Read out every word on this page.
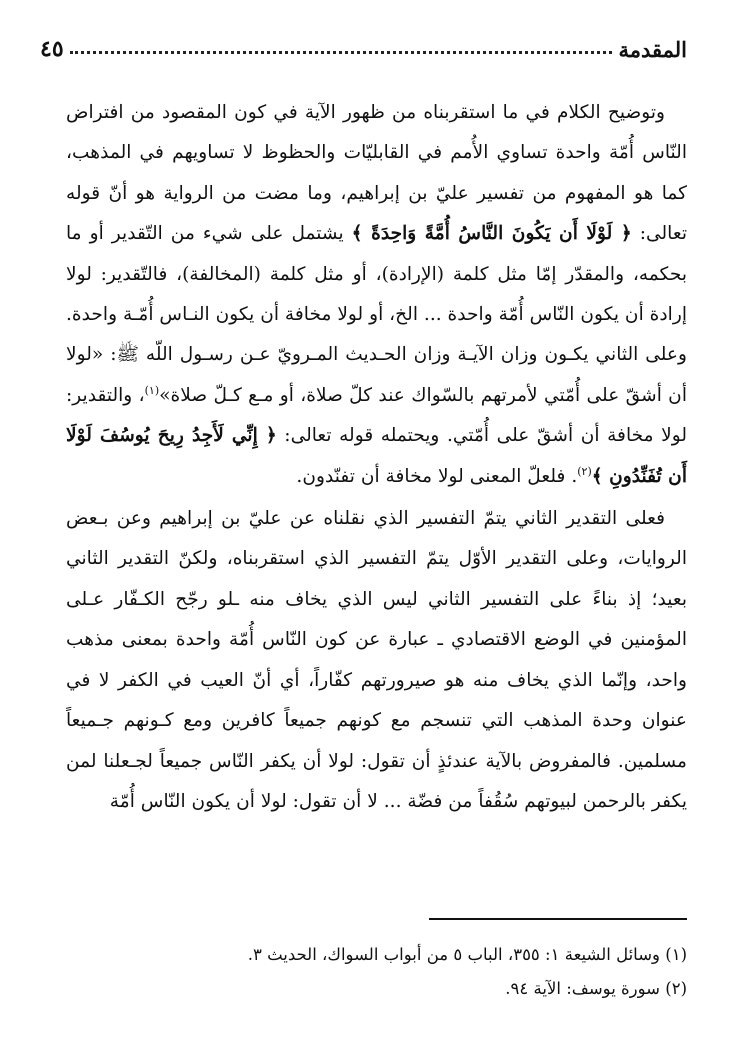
المقدمة
٤٥

وتوضيح الكلام في ما استقربناه من ظهور الآية في كون المقصود من افتراض النّاس أُمّة واحدة تساوي الأُمم في القابليّات والحظوظ لا تساويهم في المذهب، كما هو المفهوم من تفسير عليّ بن إبراهيم، وما مضت من الرواية هو أنّ قوله تعالى: ﴿ لَوْلَا أَن يَكُونَ النَّاسُ أُمَّةً وَاحِدَةً ﴾ يشتمل على شيء من التّقدير أو ما بحكمه، والمقدّر إمّا مثل كلمة (الإرادة)، أو مثل كلمة (المخالفة)، فالتّقدير: لولا إرادة أن يكون النّاس أُمّة واحدة ... الخ، أو لولا مخافة أن يكون النـاس أُمّـة واحدة. وعلى الثاني يكـون وزان الآيـة وزان الحـديث المـرويّ عـن رسـول اللّه ﷺ: «لولا أن أشقّ على أُمّتي لأمرتهم بالسّواك عند كلّ صلاة، أو مـع كـلّ صلاة»$^{(١)}$، والتقدير: لولا مخافة أن أشقّ على أُمّتي. ويحتمله قوله تعالى: ﴿ إِنِّي لَأَجِدُ رِيحَ يُوسُفَ لَوْلَا أَن تُفَنِّدُونِ ﴾$^{(٢)}$. فلعلّ المعنى لولا مخافة أن تفنّدون.

فعلى التقدير الثاني يتمّ التفسير الذي نقلناه عن عليّ بن إبراهيم وعن بـعض الروايات، وعلى التقدير الأوّل يتمّ التفسير الذي استقربناه، ولكنّ التقدير الثاني بعيد؛ إذ بناءً على التفسير الثاني ليس الذي يخاف منه ـلو رجّح الكـفّار عـلى المؤمنين في الوضع الاقتصادي ـ عبارة عن كون النّاس أُمّة واحدة بمعنى مذهب واحد، وإنّما الذي يخاف منه هو صيرورتهم كفّاراً، أي أنّ العيب في الكفر لا في عنوان وحدة المذهب التي تنسجم مع كونهم جميعاً كافرين ومع كـونهم جـميعاً مسلمين. فالمفروض بالآية عندئذٍ أن تقول: لولا أن يكفر النّاس جميعاً لجـعلنا لمن يكفر بالرحمن لبيوتهم سُقُفاً من فضّة ... لا أن تقول: لولا أن يكون النّاس أُمّة

(١) وسائل الشيعة ١: ٣٥٥، الباب ٥ من أبواب السواك، الحديث ٣.
(٢) سورة يوسف: الآية ٩٤.
